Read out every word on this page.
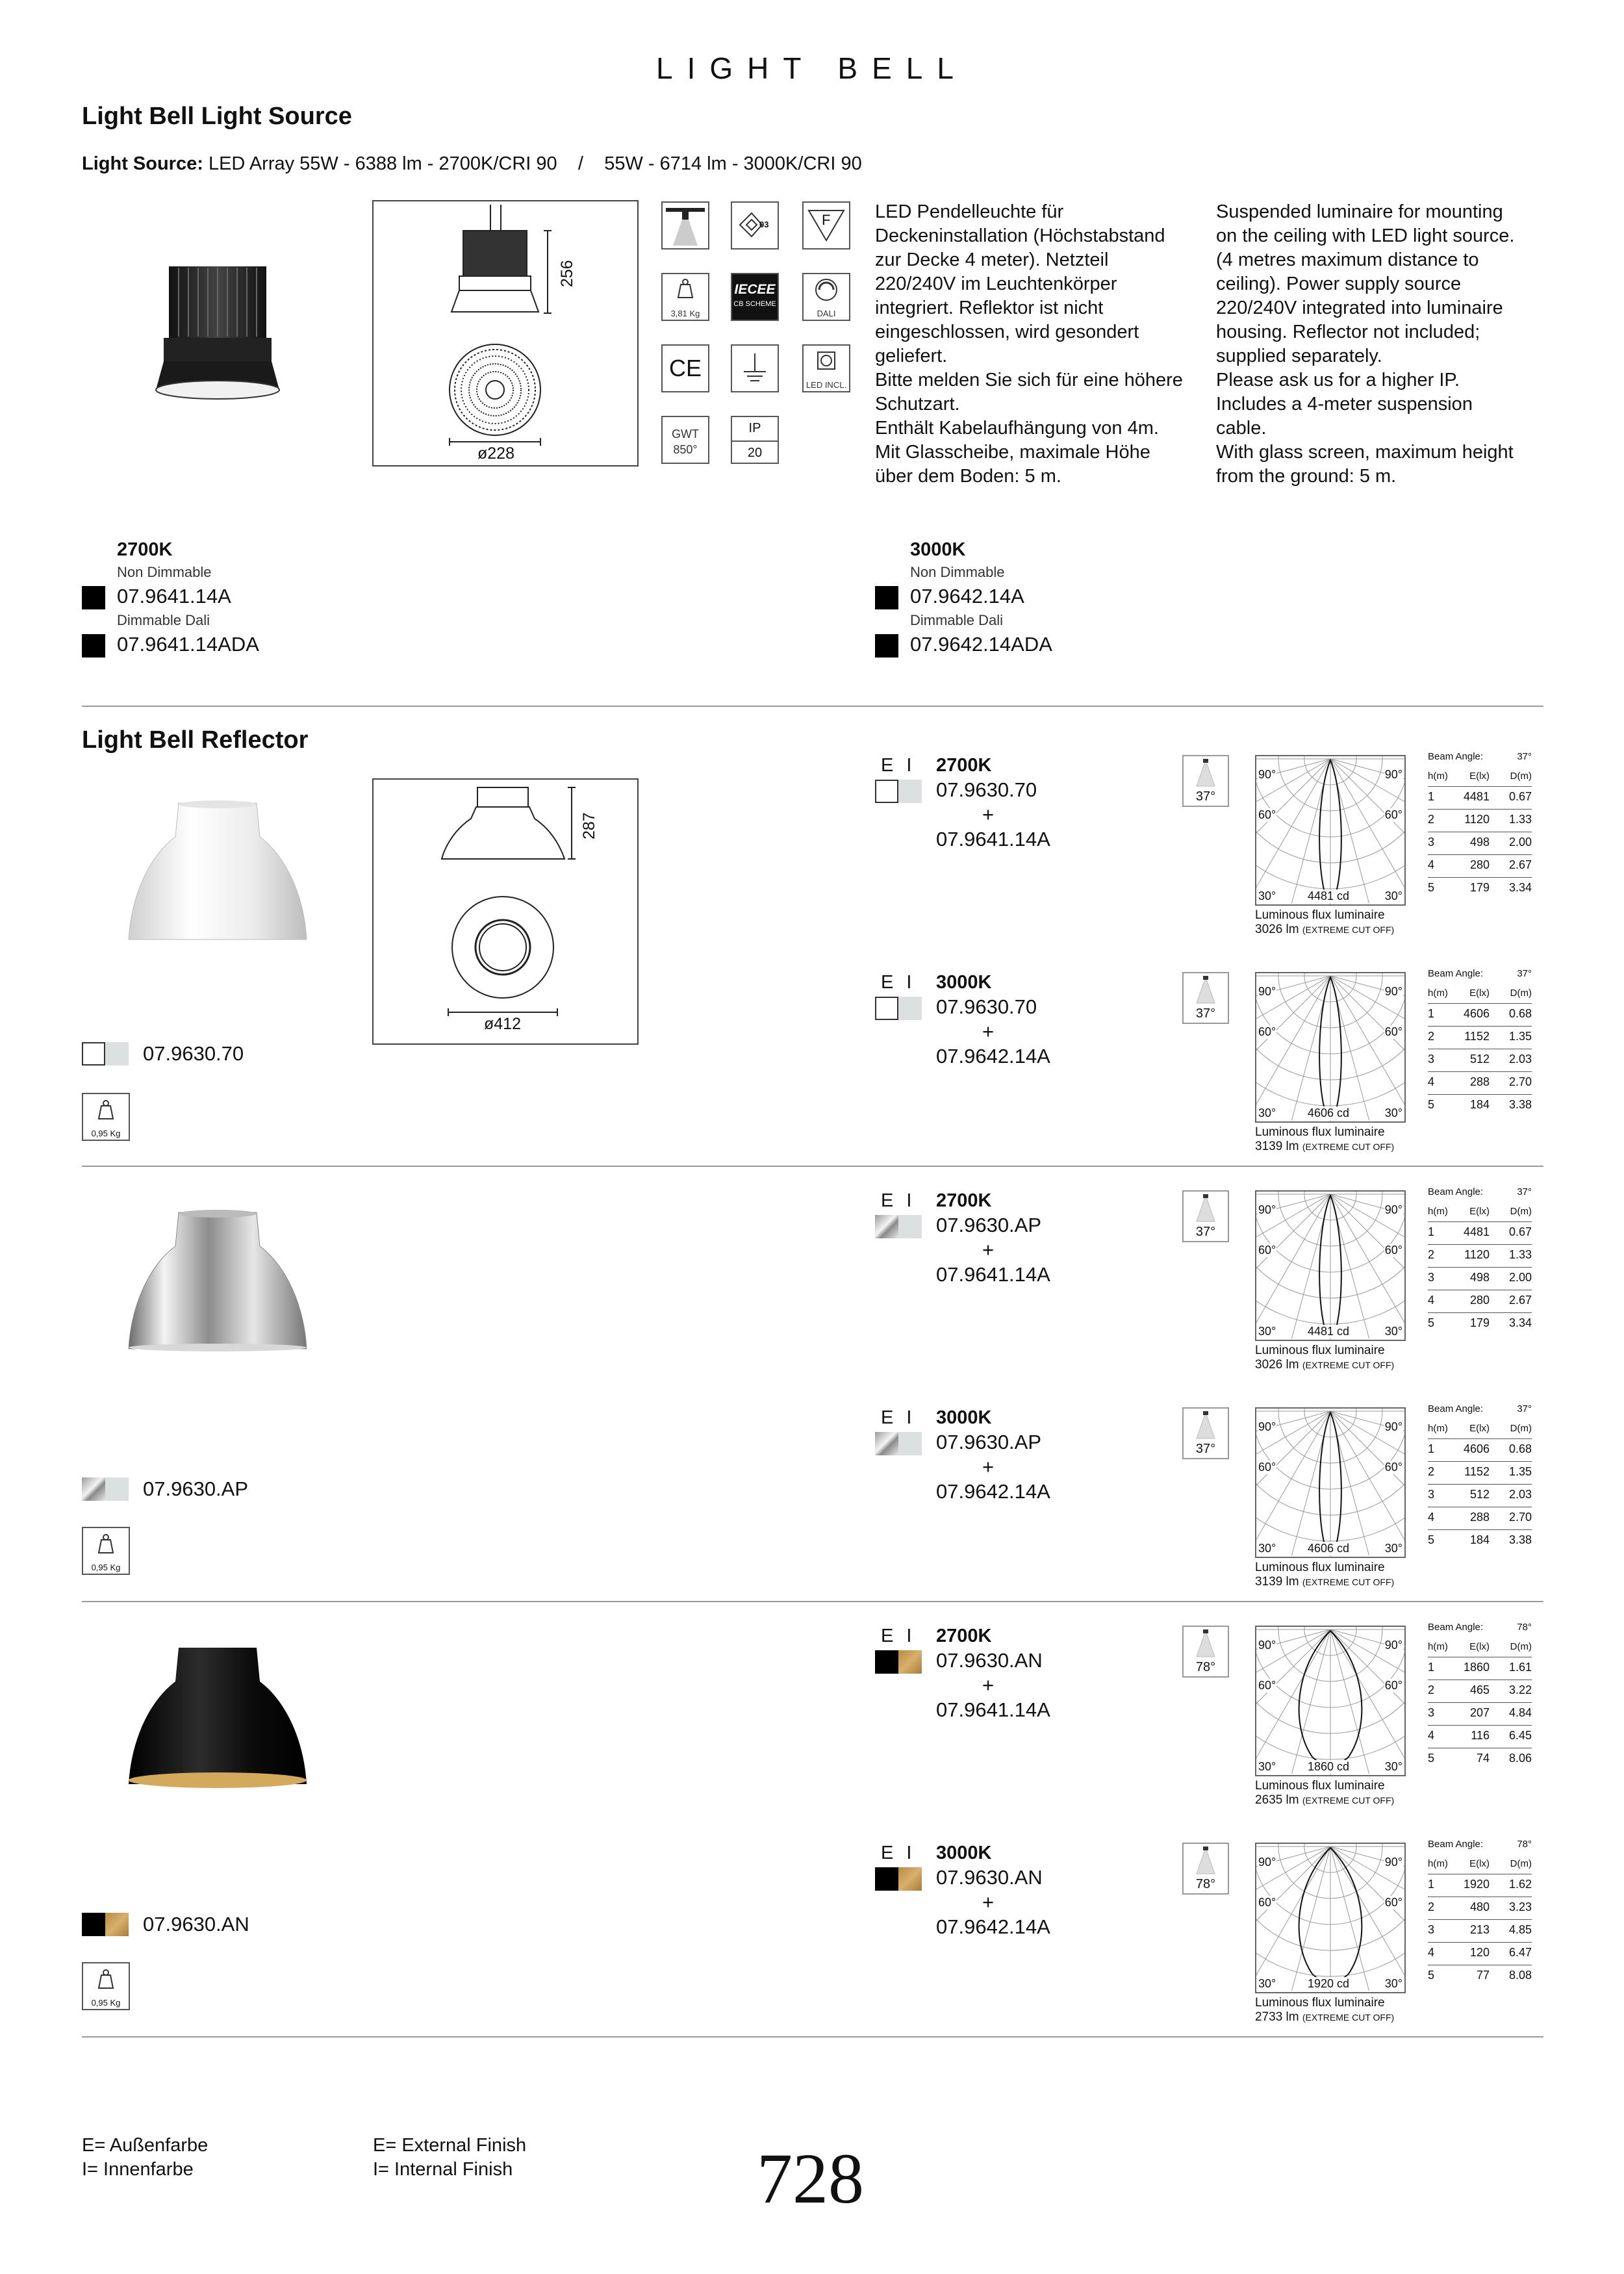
LIGHT BELL
Light Bell Light Source
Light Source: LED Array 55W - 6388 lm - 2700K/CRI 90    /    55W - 6714 lm - 3000K/CRI 90
256
ø228
03	F
3,81 Kg
IECEE
CB SCHEME
DALI
CE
LED INCL.
GWT
850°
IP
20
LED Pendelleuchte für
Deckeninstallation (Höchstabstand
zur Decke 4 meter). Netzteil
220/240V im Leuchtenkörper
integriert. Reflektor ist nicht
eingeschlossen, wird gesondert
geliefert.
Bitte melden Sie sich für eine höhere
Schutzart.
Enthält Kabelaufhängung von 4m.
Mit Glasscheibe, maximale Höhe
über dem Boden: 5 m.
Suspended luminaire for mounting
on the ceiling with LED light source.
(4 metres maximum distance to
ceiling). Power supply source
220/240V integrated into luminaire
housing. Reflector not included;
supplied separately.
Please ask us for a higher IP.
Includes a 4-meter suspension
cable.
With glass screen, maximum height
from the ground: 5 m.
2700K
Non Dimmable
07.9641.14A
Dimmable Dali
07.9641.14ADA
3000K
Non Dimmable
07.9642.14A
Dimmable Dali
07.9642.14ADA
Light Bell Reflector
287
ø412
07.9630.70
0,95 Kg
07.9630.AP
0,95 Kg
07.9630.AN
0,95 Kg
E I 2700K
07.9630.70
+
07.9641.14A
37°
90°	90°
60°	60°
30°	30°
4481 cd
Luminous flux luminaire
3026 lm (EXTREME CUT OFF)
Beam Angle:	37°
h(m)	E(lx)	D(m)
1	4481	0.67
2	1120	1.33
3	498	2.00
4	280	2.67
5	179	3.34
E I 3000K
07.9630.70
+
07.9642.14A
37°
90°	90°
60°	60°
30°	30°
4606 cd
Luminous flux luminaire
3139 lm (EXTREME CUT OFF)
Beam Angle:	37°
h(m)	E(lx)	D(m)
1	4606	0.68
2	1152	1.35
3	512	2.03
4	288	2.70
5	184	3.38
E I 2700K
07.9630.AP
+
07.9641.14A
37°
90°	90°
60°	60°
30°	30°
4481 cd
Luminous flux luminaire
3026 lm (EXTREME CUT OFF)
Beam Angle:	37°
h(m)	E(lx)	D(m)
1	4481	0.67
2	1120	1.33
3	498	2.00
4	280	2.67
5	179	3.34
E I 3000K
07.9630.AP
+
07.9642.14A
37°
90°	90°
60°	60°
30°	30°
4606 cd
Luminous flux luminaire
3139 lm (EXTREME CUT OFF)
Beam Angle:	37°
h(m)	E(lx)	D(m)
1	4606	0.68
2	1152	1.35
3	512	2.03
4	288	2.70
5	184	3.38
E I 2700K
07.9630.AN
+
07.9641.14A
78°
90°	90°
60°	60°
30°	30°
1860 cd
Luminous flux luminaire
2635 lm (EXTREME CUT OFF)
Beam Angle:	78°
h(m)	E(lx)	D(m)
1	1860	1.61
2	465	3.22
3	207	4.84
4	116	6.45
5	74	8.06
E I 3000K
07.9630.AN
+
07.9642.14A
78°
90°	90°
60°	60°
30°	30°
1920 cd
Luminous flux luminaire
2733 lm (EXTREME CUT OFF)
Beam Angle:	78°
h(m)	E(lx)	D(m)
1	1920	1.62
2	480	3.23
3	213	4.85
4	120	6.47
5	77	8.08
E= Außenfarbe
I= Innenfarbe
E= External Finish
I= Internal Finish	728
